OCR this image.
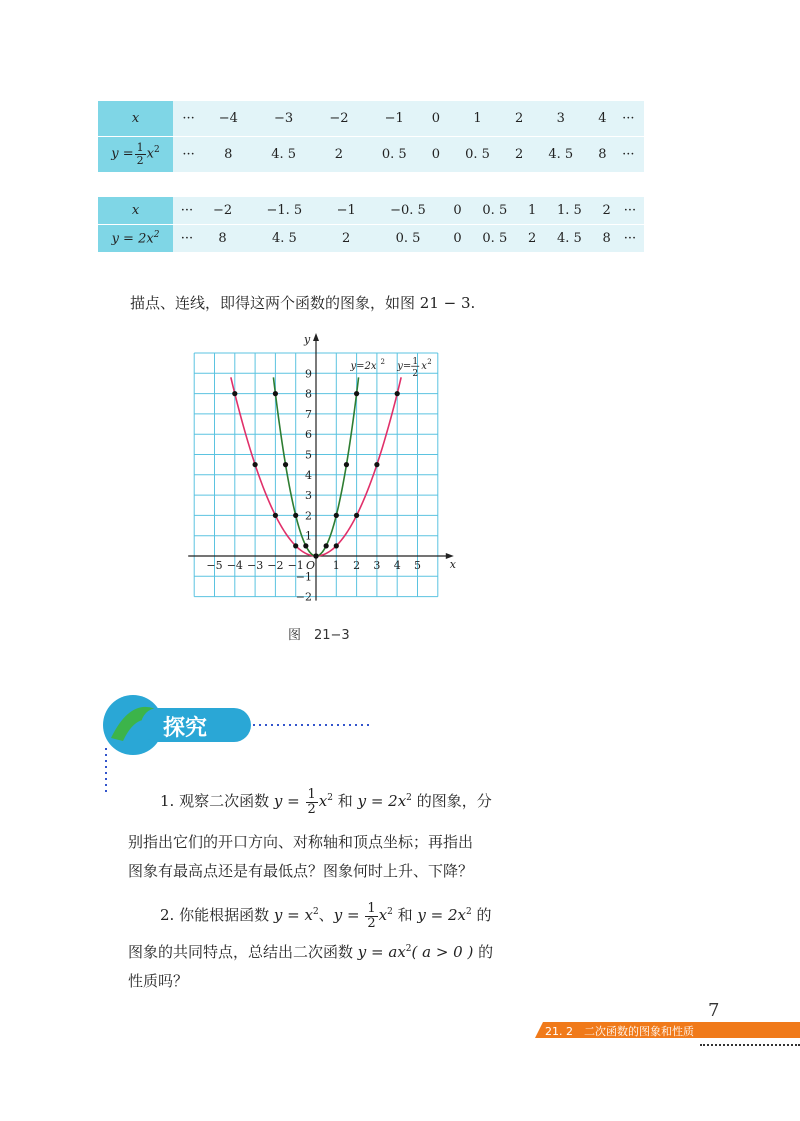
x	···	−4	−3	−2	−1	0	1	2	3	4	···
$y = \frac{1}{2} x^2$	···	8	4. 5	2	0. 5	0	0. 5	2	4. 5	8	···
x	···	−2	−1. 5	−1	−0. 5	0	0. 5	1	1. 5	2	···
$y = 2x^2$	···	8	4. 5	2	0. 5	0	0. 5	2	4. 5	8	···
描点、连线，即得这两个函数的图象，如图 21 − 3.
x
y
O
−5 −4 −3 −2 −1	1 2 3 4 5
9
8
7
6
5
4
3
2
1
−1
−2
y=2x 2 y= 1
2
x 2
图　21−3
探究
1. 观察二次函数 $y = \frac{1}{2} x^2$ 和 $y = 2x^2$ 的图象，分
别指出它们的开口方向、对称轴和顶点坐标；再指出
图象有最高点还是有最低点？图象何时上升、下降？
2. 你能根据函数 $y = x^2$、$y = \frac{1}{2} x^2$ 和 $y = 2x^2$ 的
图象的共同特点，总结出二次函数 $y = ax^2$( a > 0 ) 的
性质吗？
7
21. 2　二次函数的图象和性质
